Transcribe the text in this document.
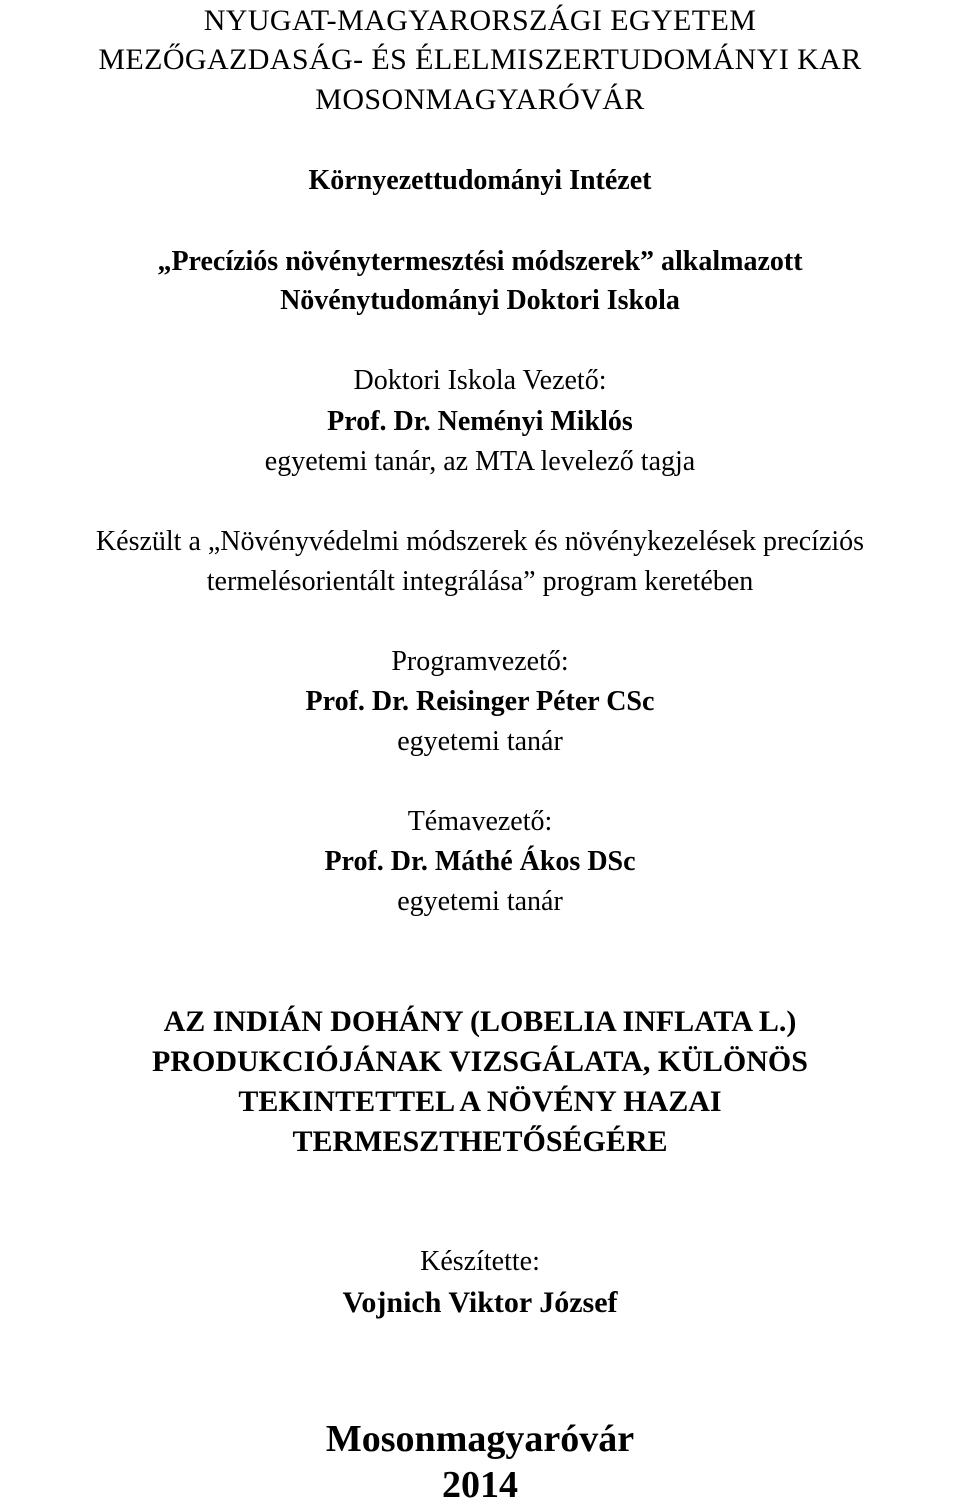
NYUGAT-MAGYARORSZÁGI EGYETEM

MEZŐGAZDASÁG- ÉS ÉLELMISZERTUDOMÁNYI KAR

MOSONMAGYARÓVÁR

Környezettudományi Intézet

„Precíziós növénytermesztési módszerek” alkalmazott

Növénytudományi Doktori Iskola

Doktori Iskola Vezető:

Prof. Dr. Neményi Miklós

egyetemi tanár, az MTA levelező tagja

Készült a „Növényvédelmi módszerek és növénykezelések precíziós

termelésorientált integrálása” program keretében

Programvezető:

Prof. Dr. Reisinger Péter CSc

egyetemi tanár

Témavezető:

Prof. Dr. Máthé Ákos DSc

egyetemi tanár

AZ INDIÁN DOHÁNY (LOBELIA INFLATA L.)

PRODUKCIÓJÁNAK VIZSGÁLATA, KÜLÖNÖS

TEKINTETTEL A NÖVÉNY HAZAI

TERMESZTHETŐSÉGÉRE

Készítette:

Vojnich Viktor József

Mosonmagyaróvár

2014
